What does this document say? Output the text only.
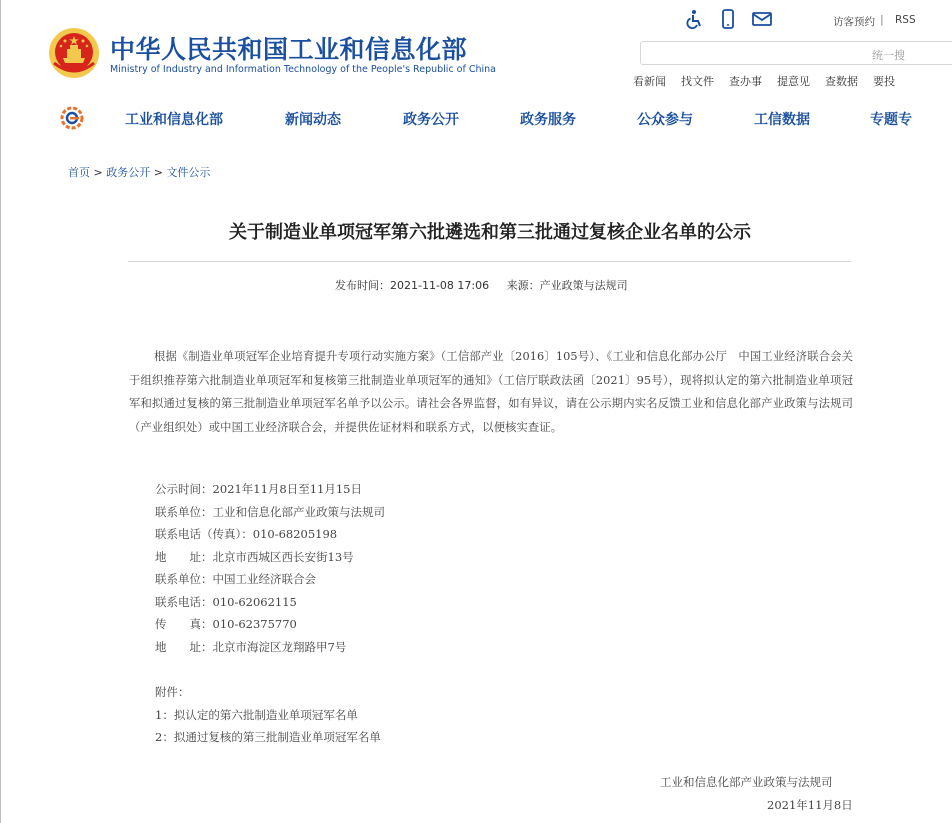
中华人民共和国工业和信息化部
Ministry of Industry and Information Technology of the People's Republic of China
访客预约 | RSS
统一搜
看新闻 找文件 查办事 提意见 查数据 要投
工业和信息化部	新闻动态	政务公开	政务服务	公众参与	工信数据	专题专
首页 > 政务公开 > 文件公示
关于制造业单项冠军第六批遴选和第三批通过复核企业名单的公示
发布时间：2021-11-08 17:06     来源：产业政策与法规司
根据《制造业单项冠军企业培育提升专项行动实施方案》（工信部产业〔2016〕105号）、《工业和信息化部办公厅　中国工业经济联合会关于组织推荐第六批制造业单项冠军和复核第三批制造业单项冠军的通知》（工信厅联政法函〔2021〕95号），现将拟认定的第六批制造业单项冠军和拟通过复核的第三批制造业单项冠军名单予以公示。请社会各界监督，如有异议，请在公示期内实名反馈工业和信息化部产业政策与法规司（产业组织处）或中国工业经济联合会，并提供佐证材料和联系方式，以便核实查证。
公示时间：2021年11月8日至11月15日
联系单位：工业和信息化部产业政策与法规司
联系电话（传真）：010-68205198
地　　址：北京市西城区西长安街13号
联系单位：中国工业经济联合会
联系电话：010-62062115
传　　真：010-62375770
地　　址：北京市海淀区龙翔路甲7号
附件：
1：拟认定的第六批制造业单项冠军名单
2：拟通过复核的第三批制造业单项冠军名单
工业和信息化部产业政策与法规司
2021年11月8日
